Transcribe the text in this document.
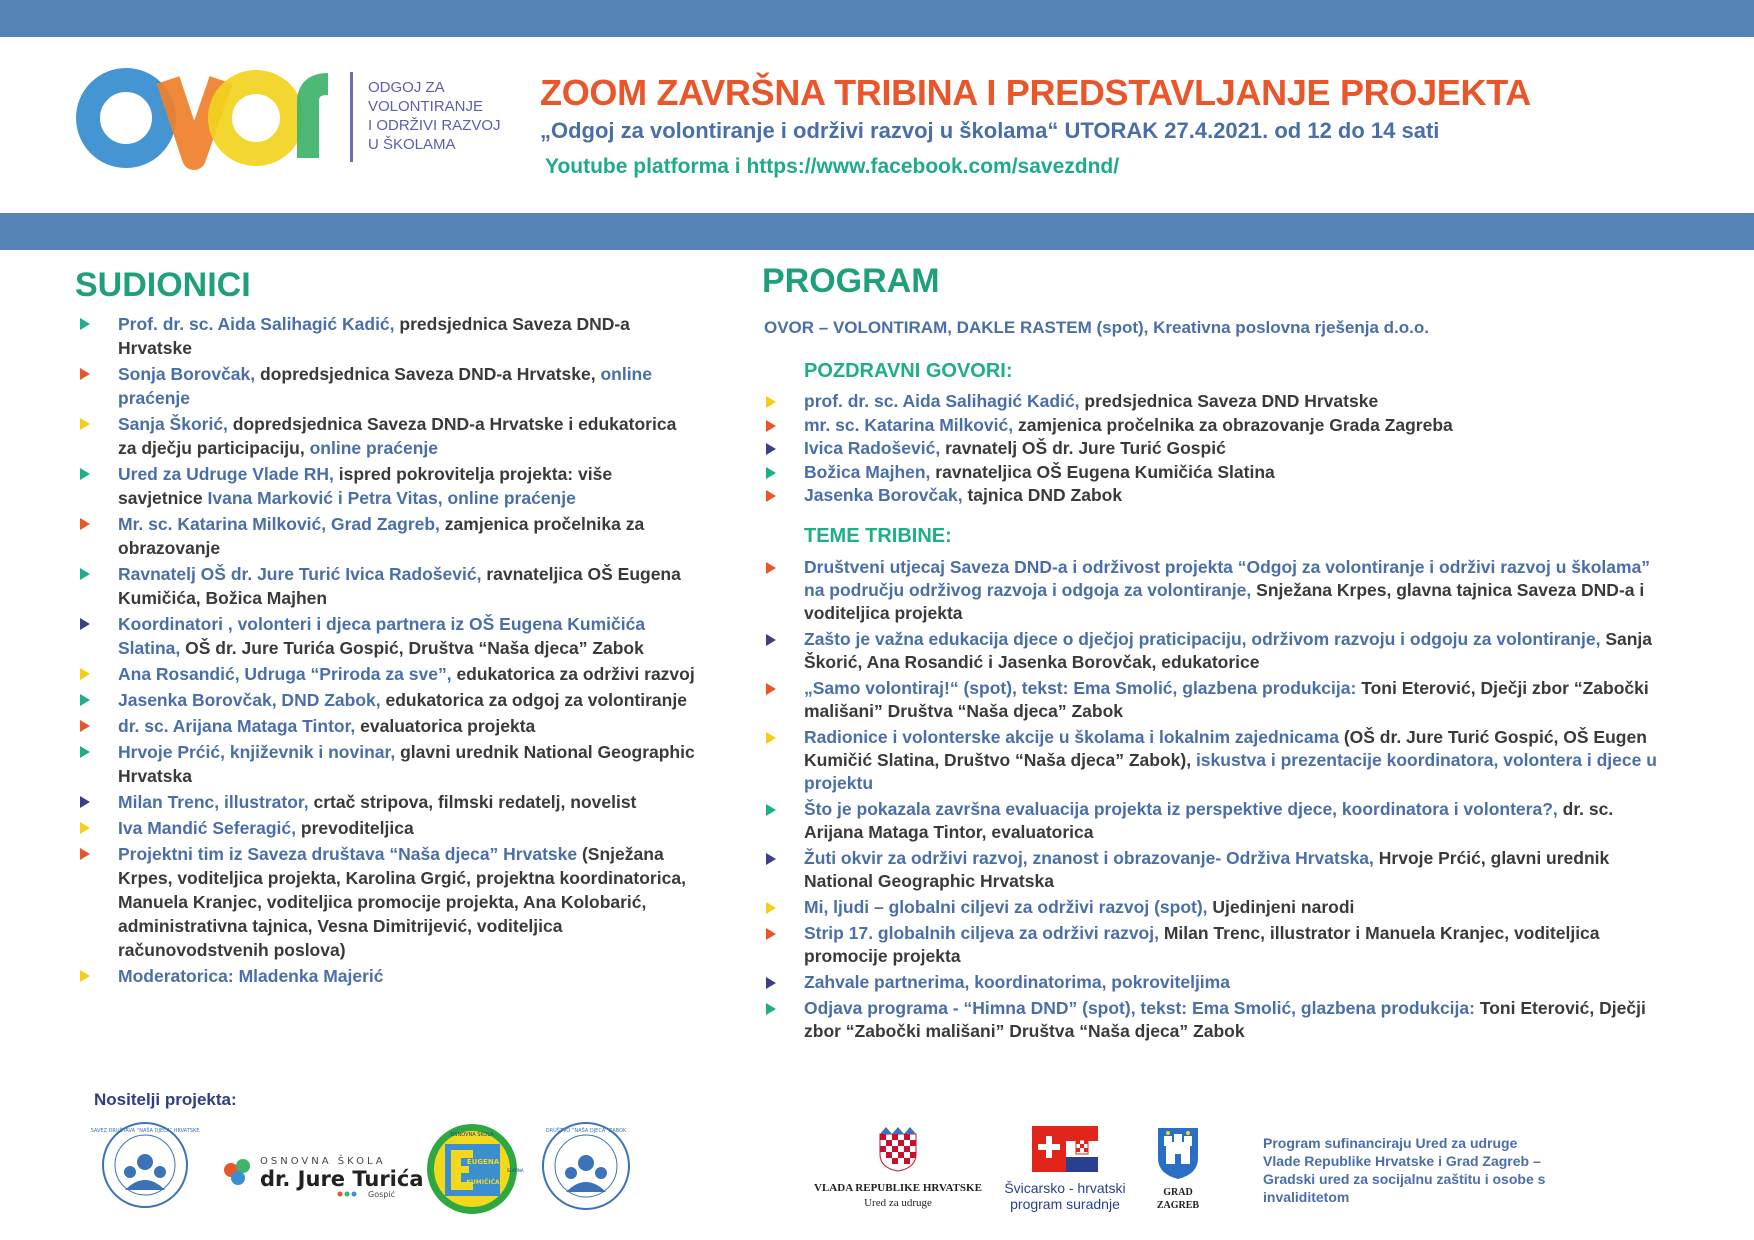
ODGOJ ZA
VOLONTIRANJE
I ODRŽIVI RAZVOJ
U ŠKOLAMA
ZOOM ZAVRŠNA TRIBINA I PREDSTAVLJANJE PROJEKTA
„Odgoj za volontiranje i održivi razvoj u školama“ UTORAK 27.4.2021. od 12 do 14 sati
Youtube platforma i https://www.facebook.com/savezdnd/
SUDIONICI
Prof. dr. sc. Aida Salihagić Kadić, predsjednica Saveza DND-a Hrvatske
Sonja Borovčak, dopredsjednica Saveza DND-a Hrvatske, online praćenje
Sanja Škorić, dopredsjednica Saveza DND-a Hrvatske i edukatorica za dječju participaciju, online praćenje
Ured za Udruge Vlade RH, ispred pokrovitelja projekta: više savjetnice Ivana Marković i Petra Vitas, online praćenje
Mr. sc. Katarina Milković, Grad Zagreb, zamjenica pročelnika za obrazovanje
Ravnatelj OŠ dr. Jure Turić Ivica Radošević, ravnateljica OŠ Eugena Kumičića, Božica Majhen
Koordinatori , volonteri i djeca partnera iz OŠ Eugena Kumičića Slatina, OŠ dr. Jure Turića Gospić, Društva “Naša djeca” Zabok
Ana Rosandić, Udruga “Priroda za sve”, edukatorica za održivi razvoj
Jasenka Borovčak, DND Zabok, edukatorica za odgoj za volontiranje
dr. sc. Arijana Mataga Tintor, evaluatorica projekta
Hrvoje Prćić, književnik i novinar, glavni urednik National Geographic Hrvatska
Milan Trenc, illustrator, crtač stripova, filmski redatelj, novelist
Iva Mandić Seferagić, prevoditeljica
Projektni tim iz Saveza društava “Naša djeca” Hrvatske (Snježana Krpes, voditeljica projekta, Karolina Grgić, projektna koordinatorica, Manuela Kranjec, voditeljica promocije projekta, Ana Kolobarić, administrativna tajnica, Vesna Dimitrijević, voditeljica računovodstvenih poslova)
Moderatorica: Mladenka Majerić
PROGRAM
OVOR – VOLONTIRAM, DAKLE RASTEM (spot), Kreativna poslovna rješenja d.o.o.
POZDRAVNI GOVORI:
prof. dr. sc. Aida Salihagić Kadić, predsjednica Saveza DND Hrvatske
mr. sc. Katarina Milković, zamjenica pročelnika za obrazovanje Grada Zagreba
Ivica Radošević, ravnatelj OŠ dr. Jure Turić Gospić
Božica Majhen, ravnateljica OŠ Eugena Kumičića Slatina
Jasenka Borovčak, tajnica DND Zabok
TEME TRIBINE:
Društveni utjecaj Saveza DND-a i održivost projekta “Odgoj za volontiranje i održivi razvoj u školama” na području održivog razvoja i odgoja za volontiranje, Snježana Krpes, glavna tajnica Saveza DND-a i voditeljica projekta
Zašto je važna edukacija djece o dječjoj praticipaciju, održivom razvoju i odgoju za volontiranje, Sanja Škorić, Ana Rosandić i Jasenka Borovčak, edukatorice
„Samo volontiraj!“ (spot), tekst: Ema Smolić, glazbena produkcija: Toni Eterović, Dječji zbor “Zabočki mališani” Društva “Naša djeca” Zabok
Radionice i volonterske akcije u školama i lokalnim zajednicama (OŠ dr. Jure Turić Gospić, OŠ Eugen Kumičić Slatina, Društvo “Naša djeca” Zabok), iskustva i prezentacije koordinatora, volontera i djece u projektu
Što je pokazala završna evaluacija projekta iz perspektive djece, koordinatora i volontera?, dr. sc. Arijana Mataga Tintor, evaluatorica
Žuti okvir za održivi razvoj, znanost i obrazovanje- Održiva Hrvatska, Hrvoje Prćić, glavni urednik National Geographic Hrvatska
Mi, ljudi – globalni ciljevi za održivi razvoj (spot), Ujedinjeni narodi
Strip 17. globalnih ciljeva za održivi razvoj, Milan Trenc, illustrator i Manuela Kranjec, voditeljica promocije projekta
Zahvale partnerima, koordinatorima, pokroviteljima
Odjava programa - “Himna DND” (spot), tekst: Ema Smolić, glazbena produkcija: Toni Eterović, Dječji zbor “Zabočki mališani” Društva “Naša djeca” Zabok
Nositelji projekta:
SAVEZ DRUŠTAVA “NAŠA DJECA” HRVATSKE
OSNOVNA ŠKOLA
dr. Jure Turića
Gospić
OSNOVNA ŠKOLA
EUGENA
KUMIČIĆA
SLATINA
DRUŠTVO “NAŠA DJECA” ZABOK
VLADA REPUBLIKE HRVATSKE
Ured za udruge
Švicarsko - hrvatski
program suradnje
GRAD
ZAGREB
Program sufinanciraju Ured za udruge
Vlade Republike Hrvatske i Grad Zagreb –
Gradski ured za socijalnu zaštitu i osobe s
invaliditetom
